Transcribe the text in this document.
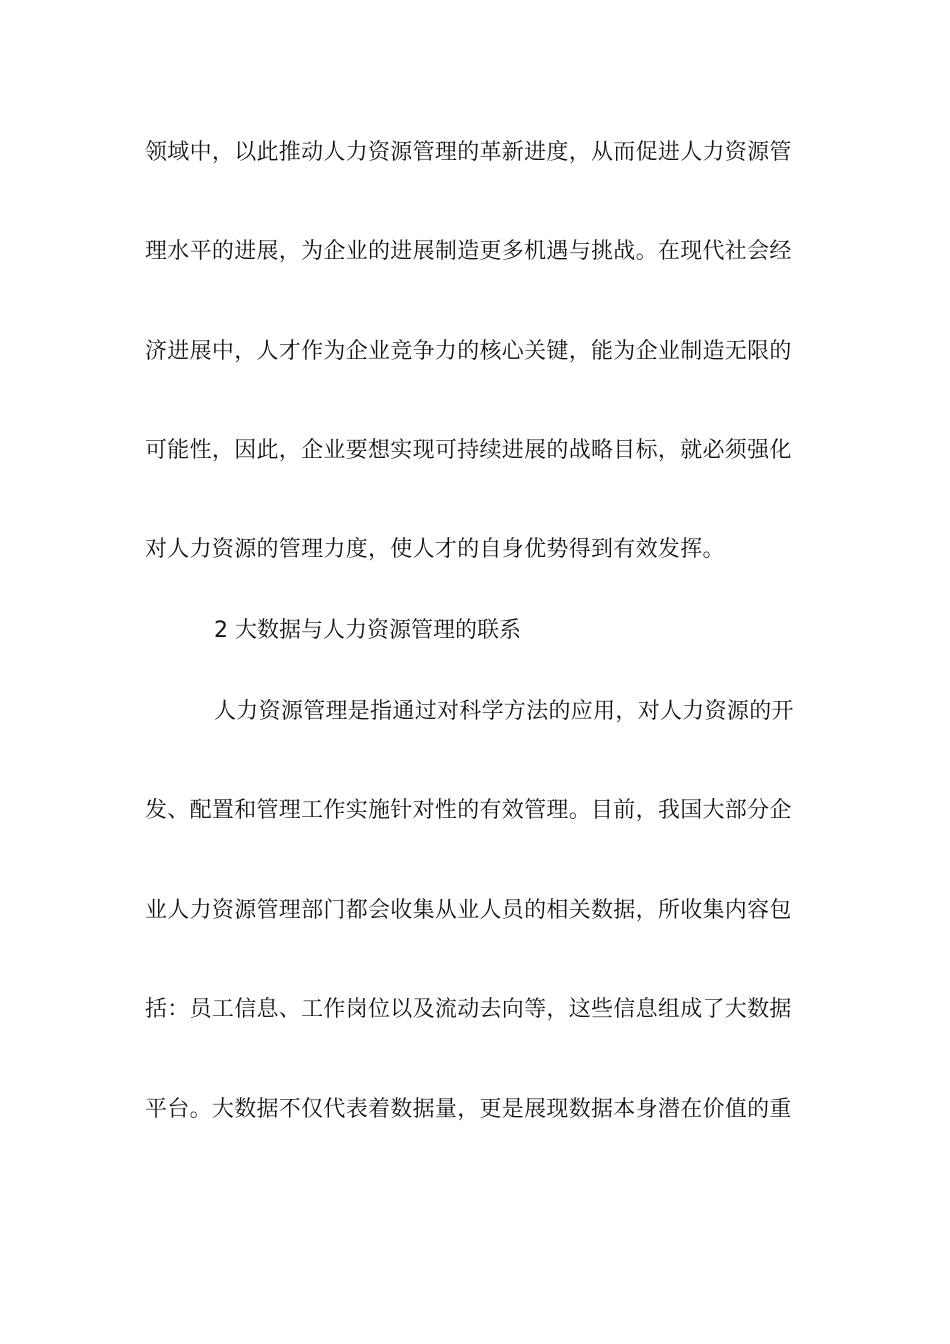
领域中，以此推动人力资源管理的革新进度，从而促进人力资源管
理水平的进展，为企业的进展制造更多机遇与挑战。在现代社会经
济进展中，人才作为企业竞争力的核心关键，能为企业制造无限的
可能性，因此，企业要想实现可持续进展的战略目标，就必须强化
对人力资源的管理力度，使人才的自身优势得到有效发挥。
2 大数据与人力资源管理的联系
人力资源管理是指通过对科学方法的应用，对人力资源的开
发、配置和管理工作实施针对性的有效管理。目前，我国大部分企
业人力资源管理部门都会收集从业人员的相关数据，所收集内容包
括：员工信息、工作岗位以及流动去向等，这些信息组成了大数据
平台。大数据不仅代表着数据量，更是展现数据本身潜在价值的重
